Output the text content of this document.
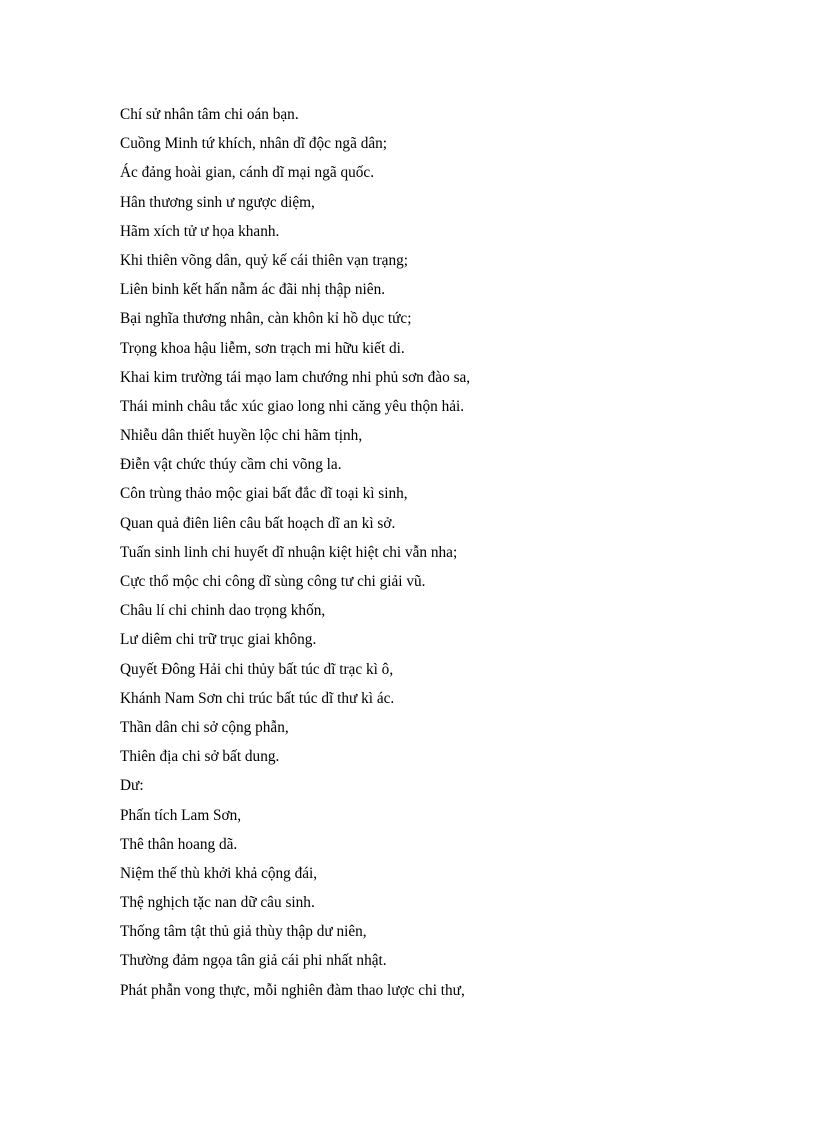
Chí sử nhân tâm chi oán bạn.
Cuồng Minh tứ khích, nhân dĩ độc ngã dân;
Ác đảng hoài gian, cánh dĩ mại ngã quốc.
Hân thương sinh ư ngược diệm,
Hãm xích tử ư họa khanh.
Khi thiên võng dân, quỷ kế cái thiên vạn trạng;
Liên binh kết hấn nẫm ác đãi nhị thập niên.
Bại nghĩa thương nhân, càn khôn kỉ hồ dục tức;
Trọng khoa hậu liễm, sơn trạch mi hữu kiết di.
Khai kim trường tái mạo lam chướng nhi phủ sơn đào sa,
Thái minh châu tắc xúc giao long nhi căng yêu thộn hải.
Nhiễu dân thiết huyền lộc chi hãm tịnh,
Điễn vật chức thúy cầm chi võng la.
Côn trùng thảo mộc giai bất đắc dĩ toại kì sinh,
Quan quả điên liên câu bất hoạch dĩ an kì sở.
Tuấn sinh linh chi huyết dĩ nhuận kiệt hiệt chi vẫn nha;
Cực thổ mộc chi công dĩ sùng công tư chi giải vũ.
Châu lí chi chinh dao trọng khốn,
Lư diêm chi trữ trục giai không.
Quyết Đông Hải chi thủy bất túc dĩ trạc kì ô,
Khánh Nam Sơn chi trúc bất túc dĩ thư kì ác.
Thần dân chi sở cộng phẫn,
Thiên địa chi sở bất dung.
Dư:
Phấn tích Lam Sơn,
Thê thân hoang dã.
Niệm thế thù khởi khả cộng đái,
Thệ nghịch tặc nan dữ câu sinh.
Thống tâm tật thủ giả thùy thập dư niên,
Thường đảm ngọa tân giả cái phi nhất nhật.
Phát phẫn vong thực, mỗi nghiên đàm thao lược chi thư,
